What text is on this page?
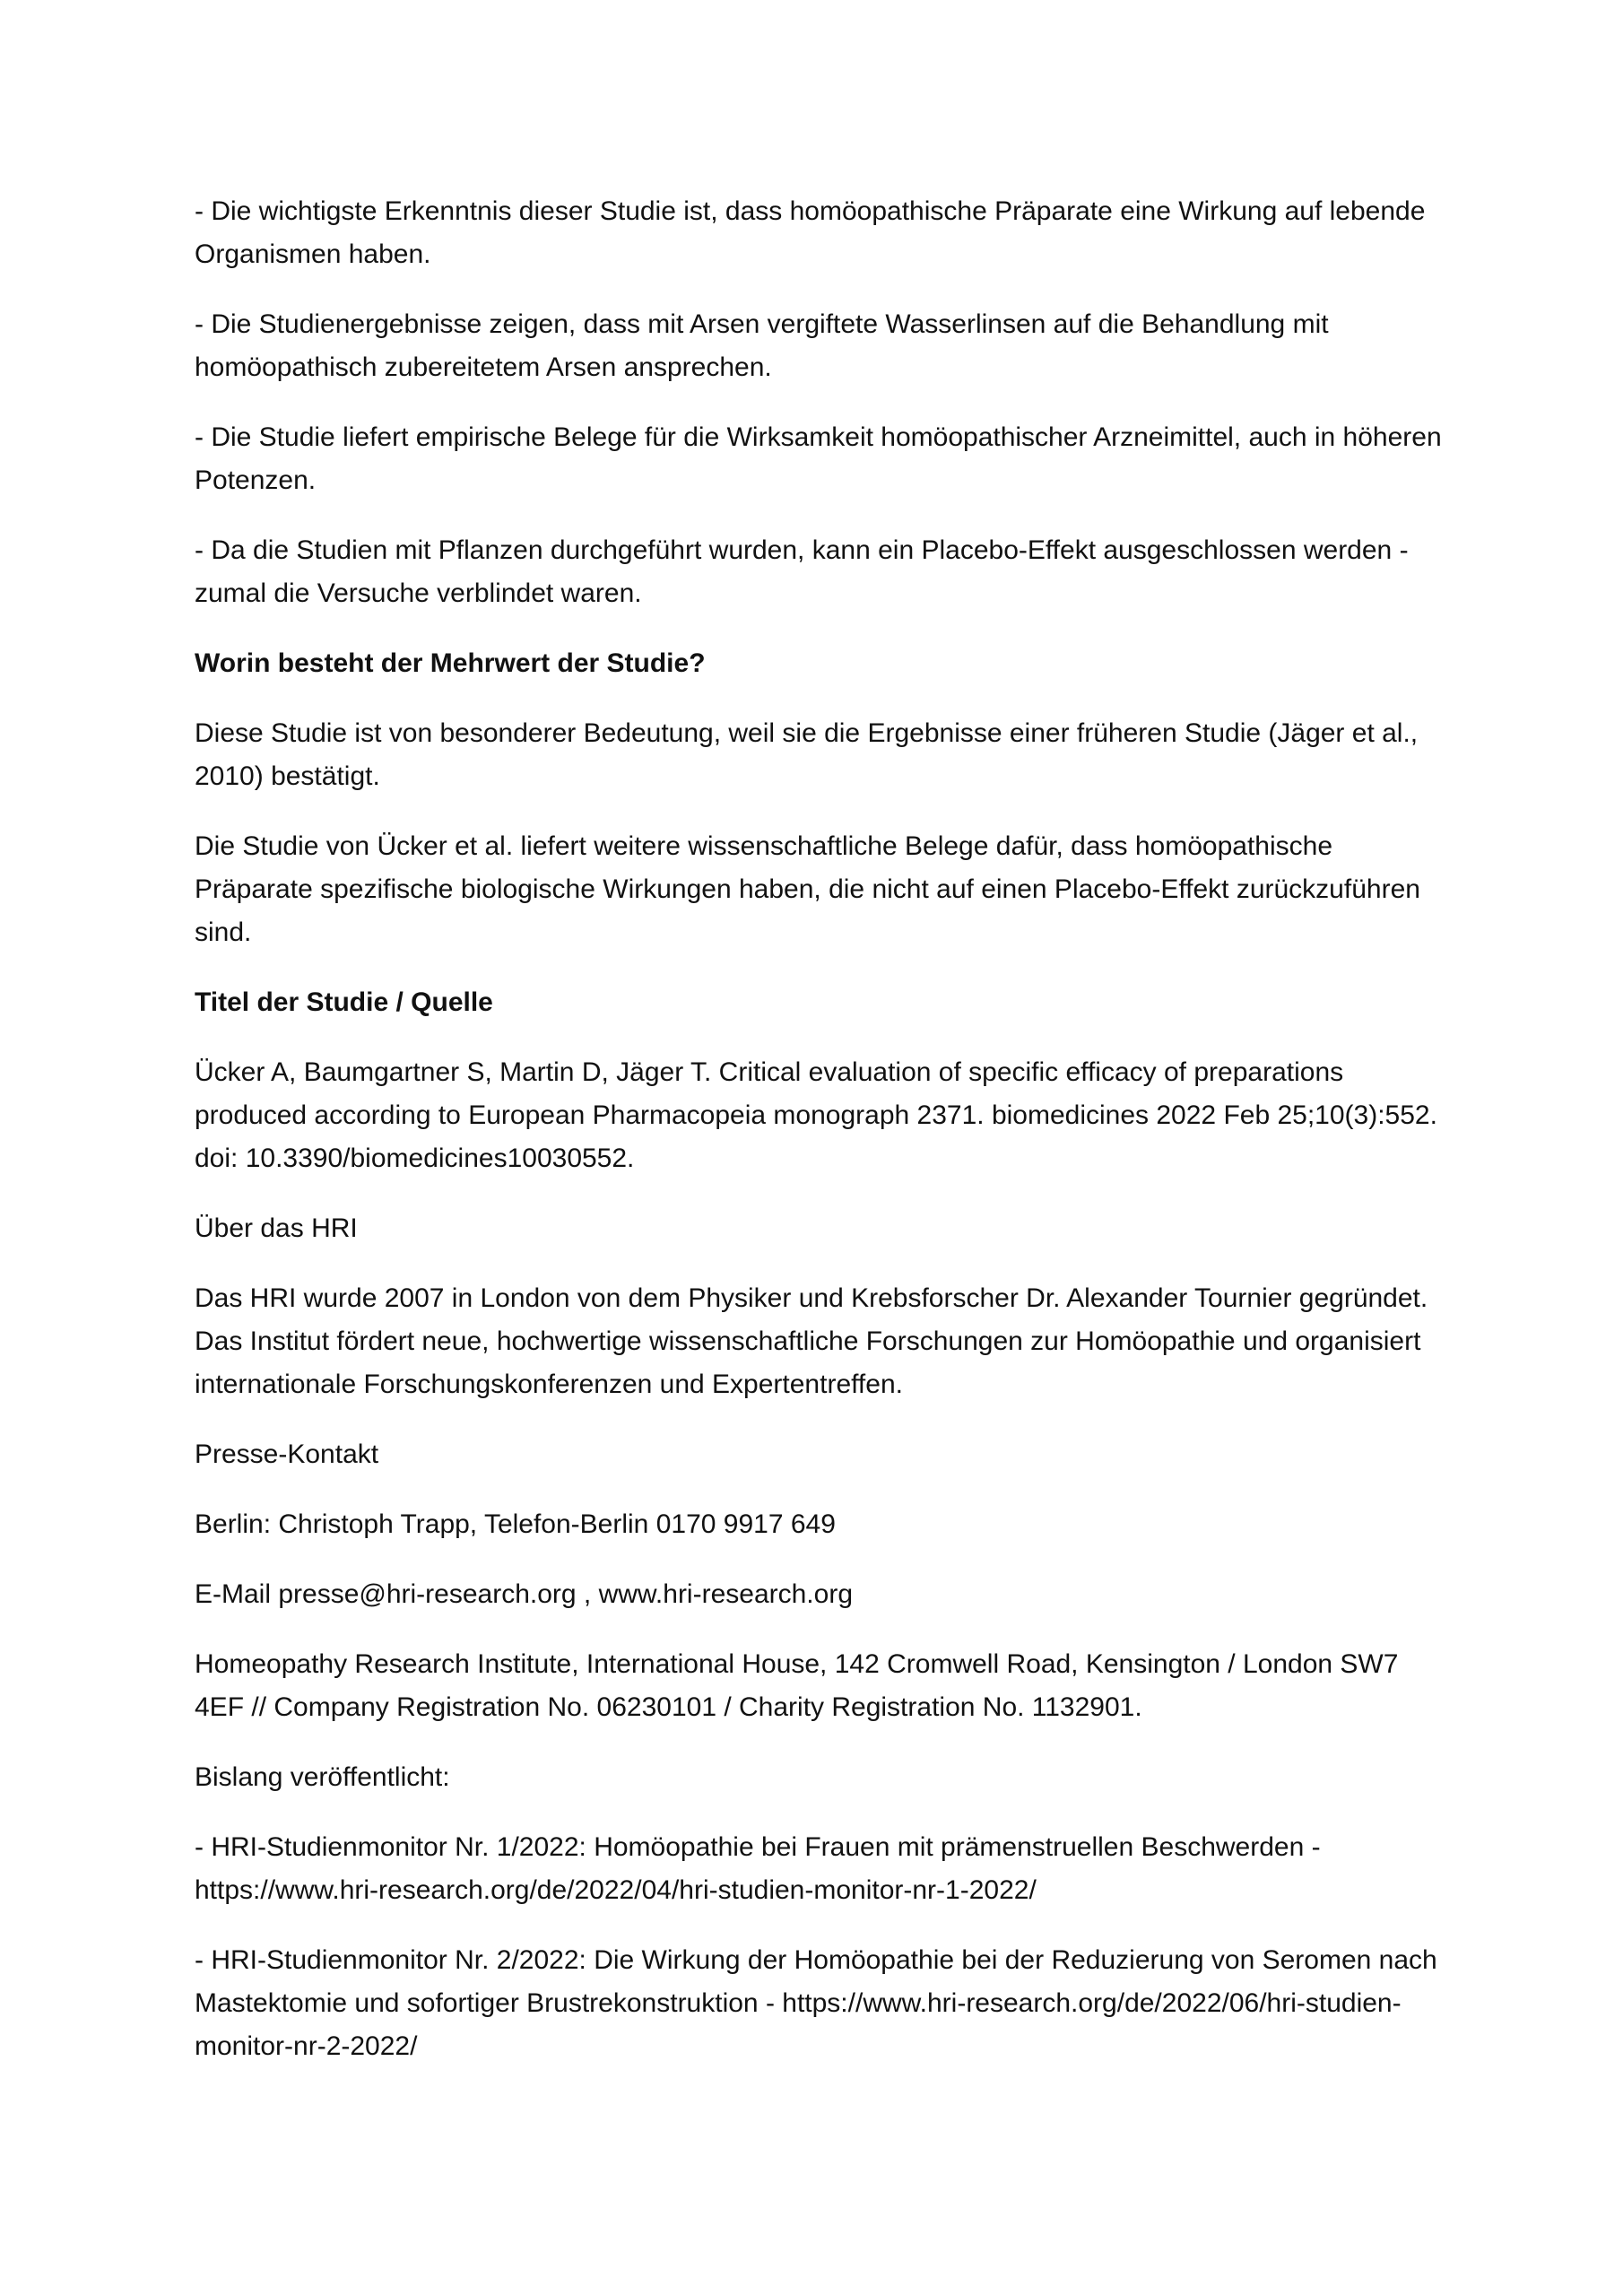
- Die wichtigste Erkenntnis dieser Studie ist, dass homöopathische Präparate eine Wirkung auf lebende Organismen haben.

- Die Studienergebnisse zeigen, dass mit Arsen vergiftete Wasserlinsen auf die Behandlung mit homöopathisch zubereitetem Arsen ansprechen.

- Die Studie liefert empirische Belege für die Wirksamkeit homöopathischer Arzneimittel, auch in höheren Potenzen.

- Da die Studien mit Pflanzen durchgeführt wurden, kann ein Placebo-Effekt ausgeschlossen werden - zumal die Versuche verblindet waren.

Worin besteht der Mehrwert der Studie?

Diese Studie ist von besonderer Bedeutung, weil sie die Ergebnisse einer früheren Studie (Jäger et al., 2010) bestätigt.

Die Studie von Ücker et al. liefert weitere wissenschaftliche Belege dafür, dass homöopathische Präparate spezifische biologische Wirkungen haben, die nicht auf einen Placebo-Effekt zurückzuführen sind.

Titel der Studie / Quelle

Ücker A, Baumgartner S, Martin D, Jäger T. Critical evaluation of specific efficacy of preparations produced according to European Pharmacopeia monograph 2371. biomedicines 2022 Feb 25;10(3):552. doi: 10.3390/biomedicines10030552.

Über das HRI

Das HRI wurde 2007 in London von dem Physiker und Krebsforscher Dr. Alexander Tournier gegründet. Das Institut fördert neue, hochwertige wissenschaftliche Forschungen zur Homöopathie und organisiert internationale Forschungskonferenzen und Expertentreffen.

Presse-Kontakt

Berlin: Christoph Trapp, Telefon-Berlin 0170 9917 649

E-Mail presse@hri-research.org , www.hri-research.org

Homeopathy Research Institute, International House, 142 Cromwell Road, Kensington / London SW7 4EF // Company Registration No. 06230101 / Charity Registration No. 1132901.

Bislang veröffentlicht:

- HRI-Studienmonitor Nr. 1/2022: Homöopathie bei Frauen mit prämenstruellen Beschwerden - https://www.hri-research.org/de/2022/04/hri-studien-monitor-nr-1-2022/

- HRI-Studienmonitor Nr. 2/2022: Die Wirkung der Homöopathie bei der Reduzierung von Seromen nach Mastektomie und sofortiger Brustrekonstruktion - https://www.hri-research.org/de/2022/06/hri-studien-monitor-nr-2-2022/
